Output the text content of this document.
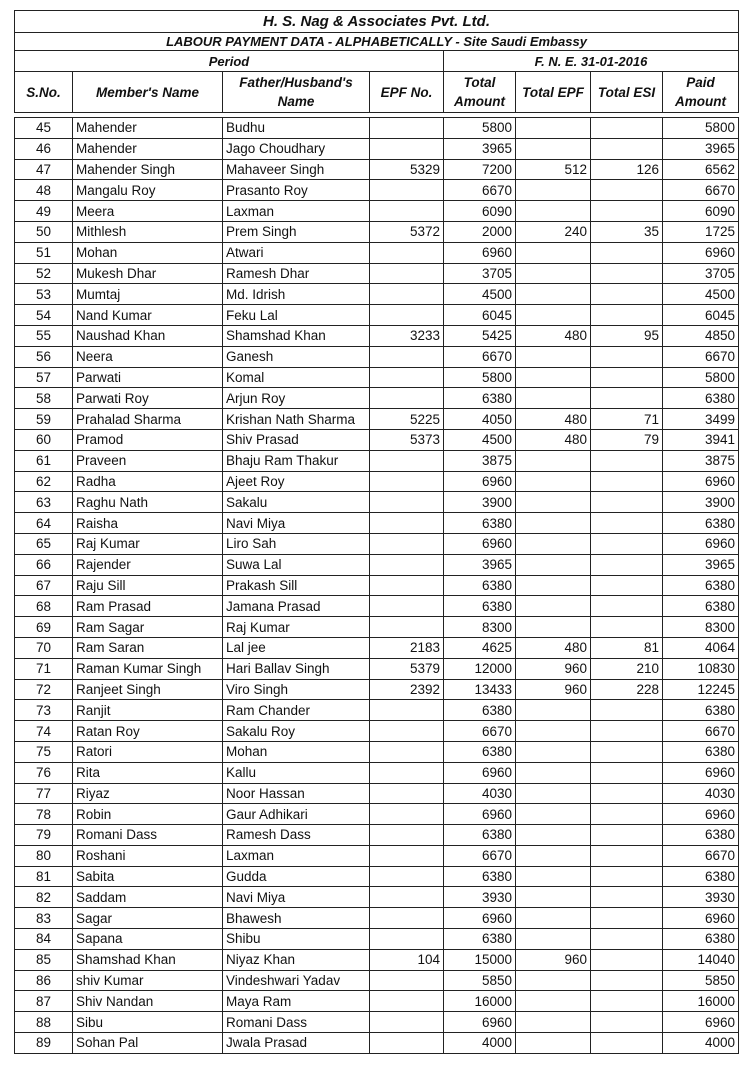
H. S. Nag & Associates Pvt. Ltd.							
LABOUR PAYMENT DATA - ALPHABETICALLY - Site Saudi Embassy							
Period				F. N. E. 31-01-2016			
S.No.	Member's Name	Father/Husband's Name	EPF No.	Total Amount	Total EPF	Total ESI	Paid Amount

45	Mahender	Budhu		5800			5800
46	Mahender	Jago Choudhary		3965			3965
47	Mahender Singh	Mahaveer Singh	5329	7200	512	126	6562
48	Mangalu Roy	Prasanto Roy		6670			6670
49	Meera	Laxman		6090			6090
50	Mithlesh	Prem Singh	5372	2000	240	35	1725
51	Mohan	Atwari		6960			6960
52	Mukesh Dhar	Ramesh Dhar		3705			3705
53	Mumtaj	Md. Idrish		4500			4500
54	Nand Kumar	Feku Lal		6045			6045
55	Naushad Khan	Shamshad Khan	3233	5425	480	95	4850
56	Neera	Ganesh		6670			6670
57	Parwati	Komal		5800			5800
58	Parwati Roy	Arjun Roy		6380			6380
59	Prahalad Sharma	Krishan Nath Sharma	5225	4050	480	71	3499
60	Pramod	Shiv Prasad	5373	4500	480	79	3941
61	Praveen	Bhaju Ram Thakur		3875			3875
62	Radha	Ajeet Roy		6960			6960
63	Raghu Nath	Sakalu		3900			3900
64	Raisha	Navi Miya		6380			6380
65	Raj Kumar	Liro Sah		6960			6960
66	Rajender	Suwa Lal		3965			3965
67	Raju Sill	Prakash Sill		6380			6380
68	Ram Prasad	Jamana Prasad		6380			6380
69	Ram Sagar	Raj Kumar		8300			8300
70	Ram Saran	Lal jee	2183	4625	480	81	4064
71	Raman Kumar Singh	Hari Ballav Singh	5379	12000	960	210	10830
72	Ranjeet Singh	Viro Singh	2392	13433	960	228	12245
73	Ranjit	Ram Chander		6380			6380
74	Ratan Roy	Sakalu Roy		6670			6670
75	Ratori	Mohan		6380			6380
76	Rita	Kallu		6960			6960
77	Riyaz	Noor Hassan		4030			4030
78	Robin	Gaur Adhikari		6960			6960
79	Romani Dass	Ramesh Dass		6380			6380
80	Roshani	Laxman		6670			6670
81	Sabita	Gudda		6380			6380
82	Saddam	Navi Miya		3930			3930
83	Sagar	Bhawesh		6960			6960
84	Sapana	Shibu		6380			6380
85	Shamshad Khan	Niyaz Khan	104	15000	960		14040
86	shiv Kumar	Vindeshwari Yadav		5850			5850
87	Shiv Nandan	Maya Ram		16000			16000
88	Sibu	Romani Dass		6960			6960
89	Sohan Pal	Jwala Prasad		4000			4000
